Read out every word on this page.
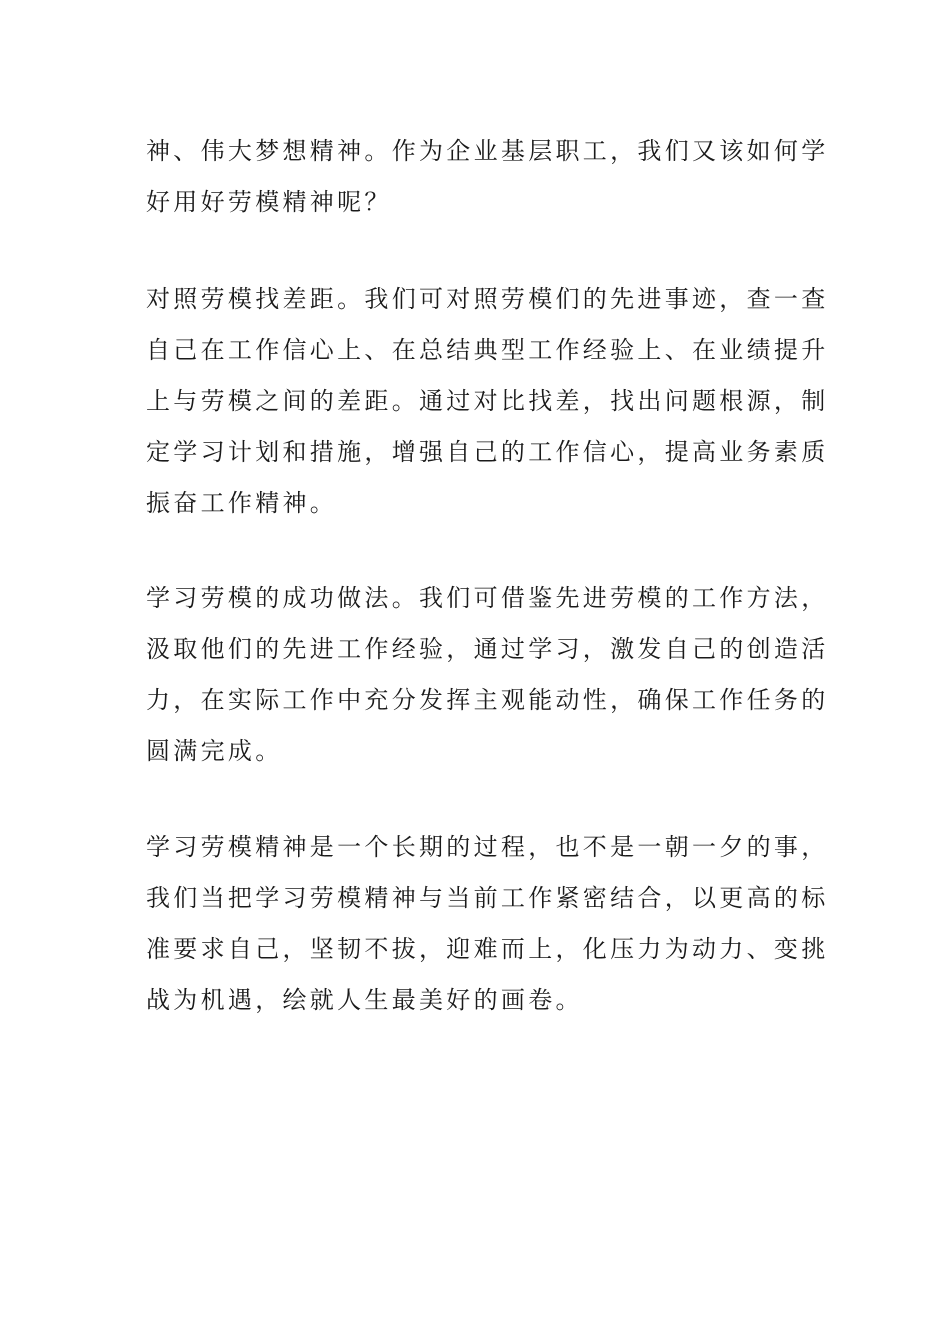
神、伟大梦想精神。作为企业基层职工，我们又该如何学
好用好劳模精神呢？
对照劳模找差距。我们可对照劳模们的先进事迹，查一查
自己在工作信心上、在总结典型工作经验上、在业绩提升
上与劳模之间的差距。通过对比找差，找出问题根源，制
定学习计划和措施，增强自己的工作信心，提高业务素质
振奋工作精神。
学习劳模的成功做法。我们可借鉴先进劳模的工作方法，
汲取他们的先进工作经验，通过学习，激发自己的创造活
力，在实际工作中充分发挥主观能动性，确保工作任务的
圆满完成。
学习劳模精神是一个长期的过程，也不是一朝一夕的事，
我们当把学习劳模精神与当前工作紧密结合，以更高的标
准要求自己，坚韧不拔，迎难而上，化压力为动力、变挑
战为机遇，绘就人生最美好的画卷。
